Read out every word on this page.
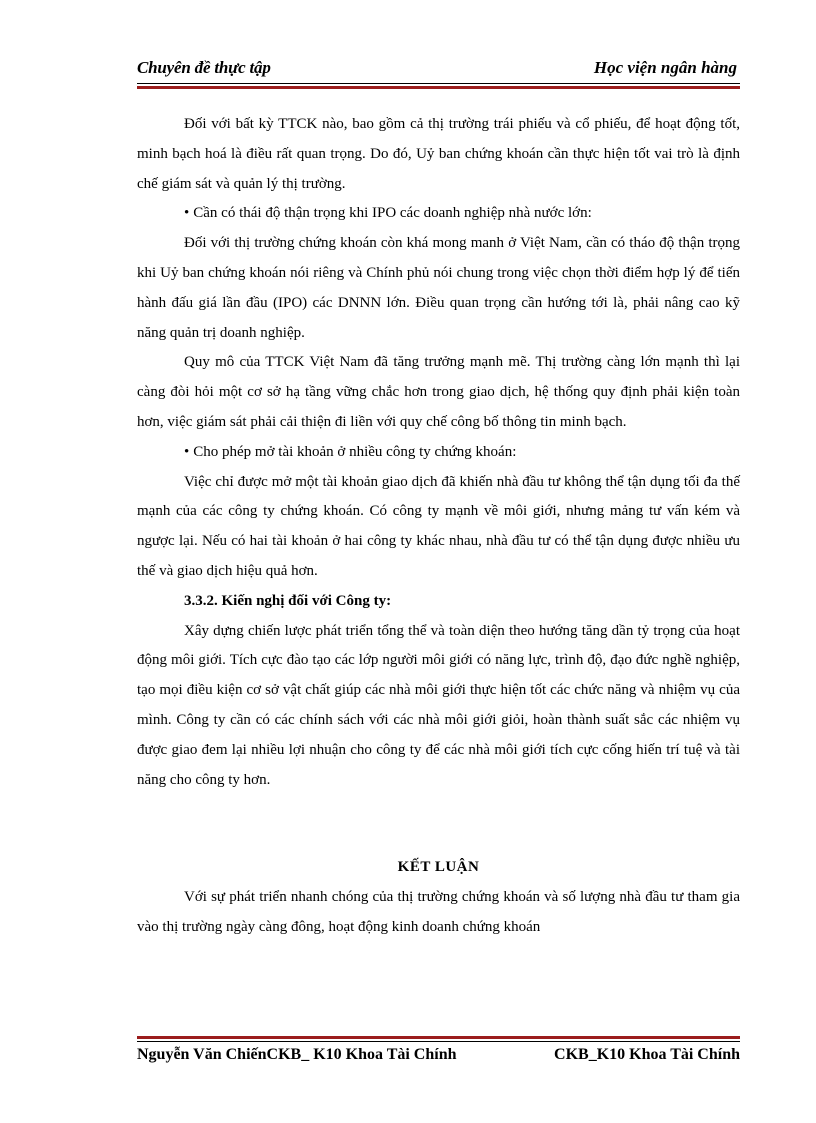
Chuyên đề thực tập	Học viện ngân hàng

Đối với bất kỳ TTCK nào, bao gồm cả thị trường trái phiếu và cổ phiếu, để hoạt động tốt, minh bạch hoá là điều rất quan trọng. Do đó, Uỷ ban chứng khoán cần thực hiện tốt vai trò là định chế giám sát và quản lý thị trường.

• Cần có thái độ thận trọng khi IPO các doanh nghiệp nhà nước lớn:

Đối với thị trường chứng khoán còn khá mong manh ở Việt Nam, cần có tháo độ thận trọng khi Uỷ ban chứng khoán nói riêng và Chính phủ nói chung trong việc chọn thời điểm hợp lý để tiến hành đấu giá lần đầu (IPO) các DNNN lớn. Điều quan trọng cần hướng tới là, phải nâng cao kỹ năng quản trị doanh nghiệp.

Quy mô của TTCK Việt Nam đã tăng trưởng mạnh mẽ. Thị trường càng lớn mạnh thì lại càng đòi hỏi một cơ sở hạ tầng vững chắc hơn trong giao dịch, hệ thống quy định phải kiện toàn hơn, việc giám sát phải cải thiện đi liền với quy chế công bố thông tin minh bạch.

• Cho phép mở tài khoản ở nhiều công ty chứng khoán:

Việc chỉ được mở một tài khoản giao dịch đã khiến nhà đầu tư không thể tận dụng tối đa thế mạnh của các công ty chứng khoán. Có công ty mạnh về môi giới, nhưng mảng tư vấn kém và ngược lại. Nếu có hai tài khoản ở hai công ty khác nhau, nhà đầu tư có thể tận dụng được nhiều ưu thế và giao dịch hiệu quả hơn.

3.3.2. Kiến nghị đối với Công ty:

Xây dựng chiến lược phát triển tổng thể và toàn diện theo hướng tăng dần tỷ trọng của hoạt động môi giới. Tích cực đào tạo các lớp người môi giới có năng lực, trình độ, đạo đức nghề nghiệp, tạo mọi điều kiện cơ sở vật chất giúp các nhà môi giới thực hiện tốt các chức năng và nhiệm vụ của mình. Công ty cần có các chính sách với các nhà môi giới giỏi, hoàn thành suất sắc các nhiệm vụ được giao đem lại nhiều lợi nhuận cho công ty để các nhà môi giới tích cực cống hiến trí tuệ và tài năng cho công ty hơn.

KẾT LUẬN

Với sự phát triển nhanh chóng của thị trường chứng khoán và số lượng nhà đầu tư tham gia vào thị trường ngày càng đông, hoạt động kinh doanh chứng khoán

Nguyễn Văn ChiếnCKB_ K10 Khoa Tài Chính	CKB_K10 Khoa Tài Chính
